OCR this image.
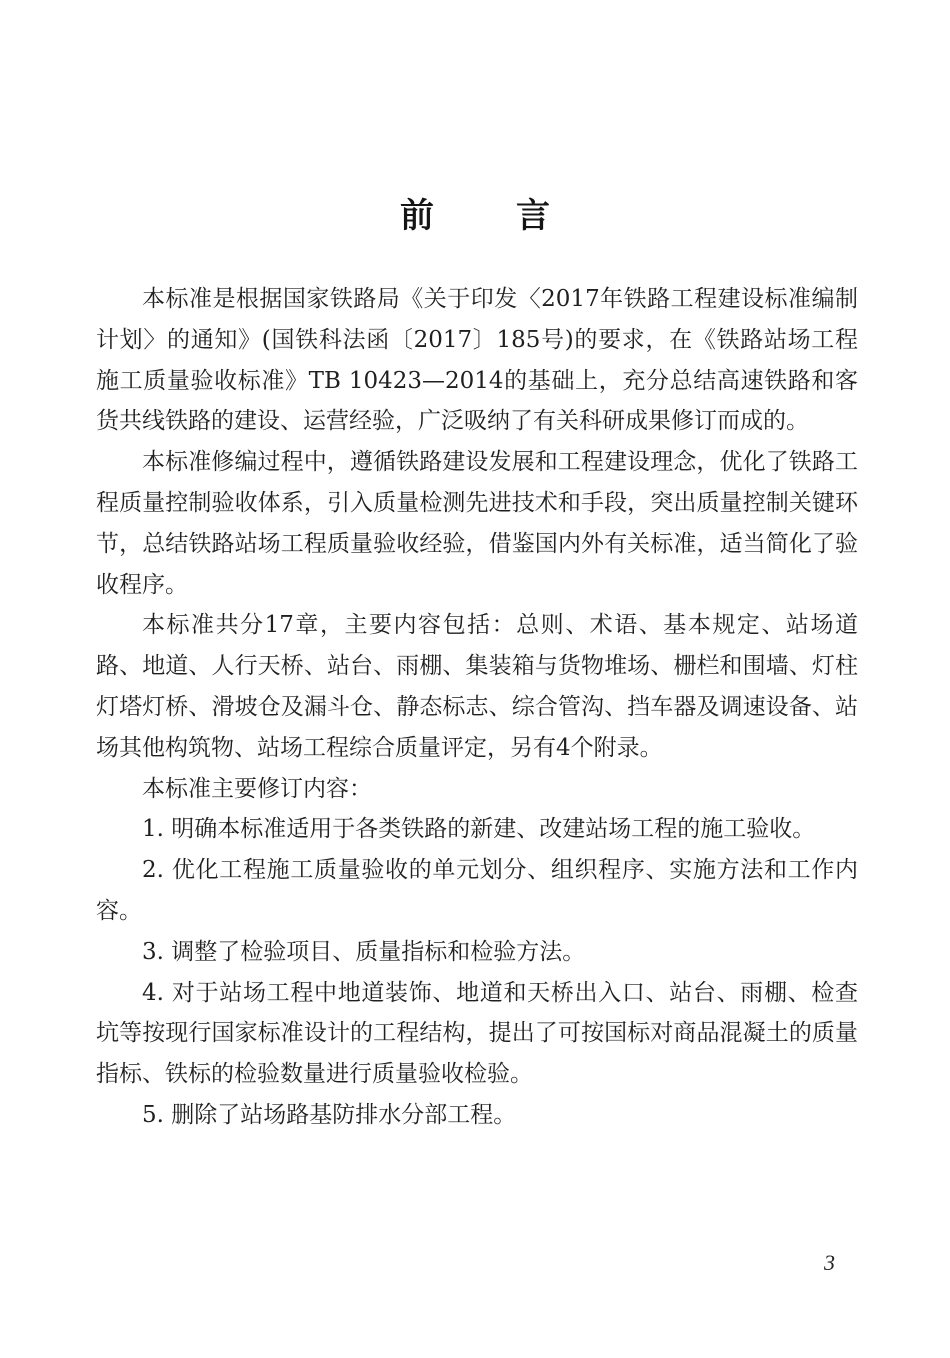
前 言

本标准是根据国家铁路局《关于印发〈2017年铁路工程建设标准编制计划〉的通知》(国铁科法函〔2017〕185号)的要求，在《铁路站场工程施工质量验收标准》TB 10423—2014的基础上，充分总结高速铁路和客货共线铁路的建设、运营经验，广泛吸纳了有关科研成果修订而成的。

本标准修编过程中，遵循铁路建设发展和工程建设理念，优化了铁路工程质量控制验收体系，引入质量检测先进技术和手段，突出质量控制关键环节，总结铁路站场工程质量验收经验，借鉴国内外有关标准，适当简化了验收程序。

本标准共分17章，主要内容包括：总则、术语、基本规定、站场道路、地道、人行天桥、站台、雨棚、集装箱与货物堆场、栅栏和围墙、灯柱灯塔灯桥、滑坡仓及漏斗仓、静态标志、综合管沟、挡车器及调速设备、站场其他构筑物、站场工程综合质量评定，另有4个附录。

本标准主要修订内容：

1. 明确本标准适用于各类铁路的新建、改建站场工程的施工验收。

2. 优化工程施工质量验收的单元划分、组织程序、实施方法和工作内容。

3. 调整了检验项目、质量指标和检验方法。

4. 对于站场工程中地道装饰、地道和天桥出入口、站台、雨棚、检查坑等按现行国家标准设计的工程结构，提出了可按国标对商品混凝土的质量指标、铁标的检验数量进行质量验收检验。

5. 删除了站场路基防排水分部工程。

3
